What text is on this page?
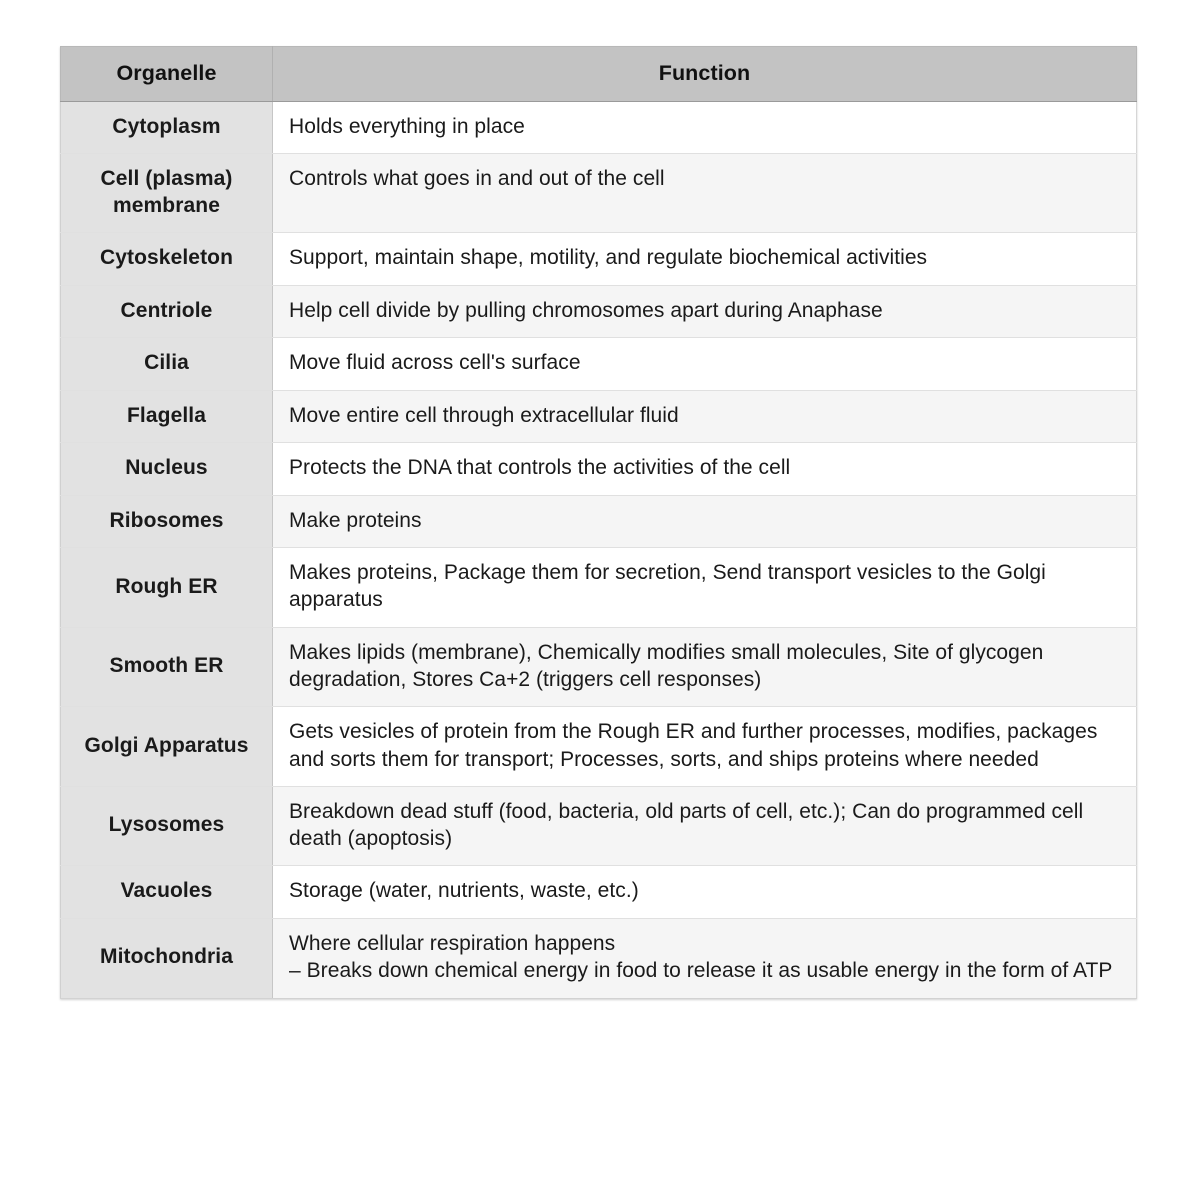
Organelle	Function
Cytoplasm	Holds everything in place

Cell (plasma) membrane	Controls what goes in and out of the cell

Cytoskeleton	Support, maintain shape, motility, and regulate biochemical activities

Centriole	Help cell divide by pulling chromosomes apart during Anaphase

Cilia	Move fluid across cell's surface

Flagella	Move entire cell through extracellular fluid

Nucleus	Protects the DNA that controls the activities of the cell

Ribosomes	Make proteins

Rough ER	Makes proteins, Package them for secretion, Send transport vesicles to the Golgi apparatus

Smooth ER	Makes lipids (membrane), Chemically modifies small molecules, Site of glycogen degradation, Stores Ca+2 (triggers cell responses)

Golgi Apparatus	Gets vesicles of protein from the Rough ER and further processes, modifies, packages and sorts them for transport; Processes, sorts, and ships proteins where needed

Lysosomes	Breakdown dead stuff (food, bacteria, old parts of cell, etc.); Can do programmed cell death (apoptosis)

Vacuoles	Storage (water, nutrients, waste, etc.)

Mitochondria	Where cellular respiration happens
– Breaks down chemical energy in food to release it as usable energy in the form of ATP
